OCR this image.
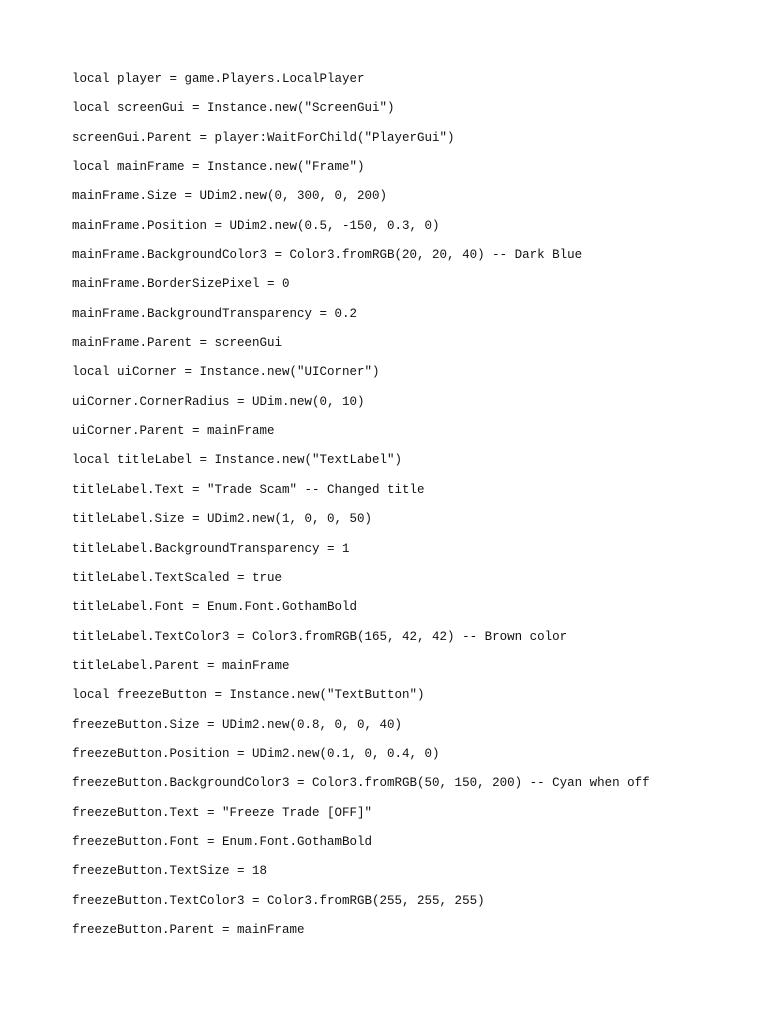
local player = game.Players.LocalPlayer
local screenGui = Instance.new("ScreenGui")
screenGui.Parent = player:WaitForChild("PlayerGui")
local mainFrame = Instance.new("Frame")
mainFrame.Size = UDim2.new(0, 300, 0, 200)
mainFrame.Position = UDim2.new(0.5, -150, 0.3, 0)
mainFrame.BackgroundColor3 = Color3.fromRGB(20, 20, 40) -- Dark Blue
mainFrame.BorderSizePixel = 0
mainFrame.BackgroundTransparency = 0.2
mainFrame.Parent = screenGui
local uiCorner = Instance.new("UICorner")
uiCorner.CornerRadius = UDim.new(0, 10)
uiCorner.Parent = mainFrame
local titleLabel = Instance.new("TextLabel")
titleLabel.Text = "Trade Scam" -- Changed title
titleLabel.Size = UDim2.new(1, 0, 0, 50)
titleLabel.BackgroundTransparency = 1
titleLabel.TextScaled = true
titleLabel.Font = Enum.Font.GothamBold
titleLabel.TextColor3 = Color3.fromRGB(165, 42, 42) -- Brown color
titleLabel.Parent = mainFrame
local freezeButton = Instance.new("TextButton")
freezeButton.Size = UDim2.new(0.8, 0, 0, 40)
freezeButton.Position = UDim2.new(0.1, 0, 0.4, 0)
freezeButton.BackgroundColor3 = Color3.fromRGB(50, 150, 200) -- Cyan when off
freezeButton.Text = "Freeze Trade [OFF]"
freezeButton.Font = Enum.Font.GothamBold
freezeButton.TextSize = 18
freezeButton.TextColor3 = Color3.fromRGB(255, 255, 255)
freezeButton.Parent = mainFrame
